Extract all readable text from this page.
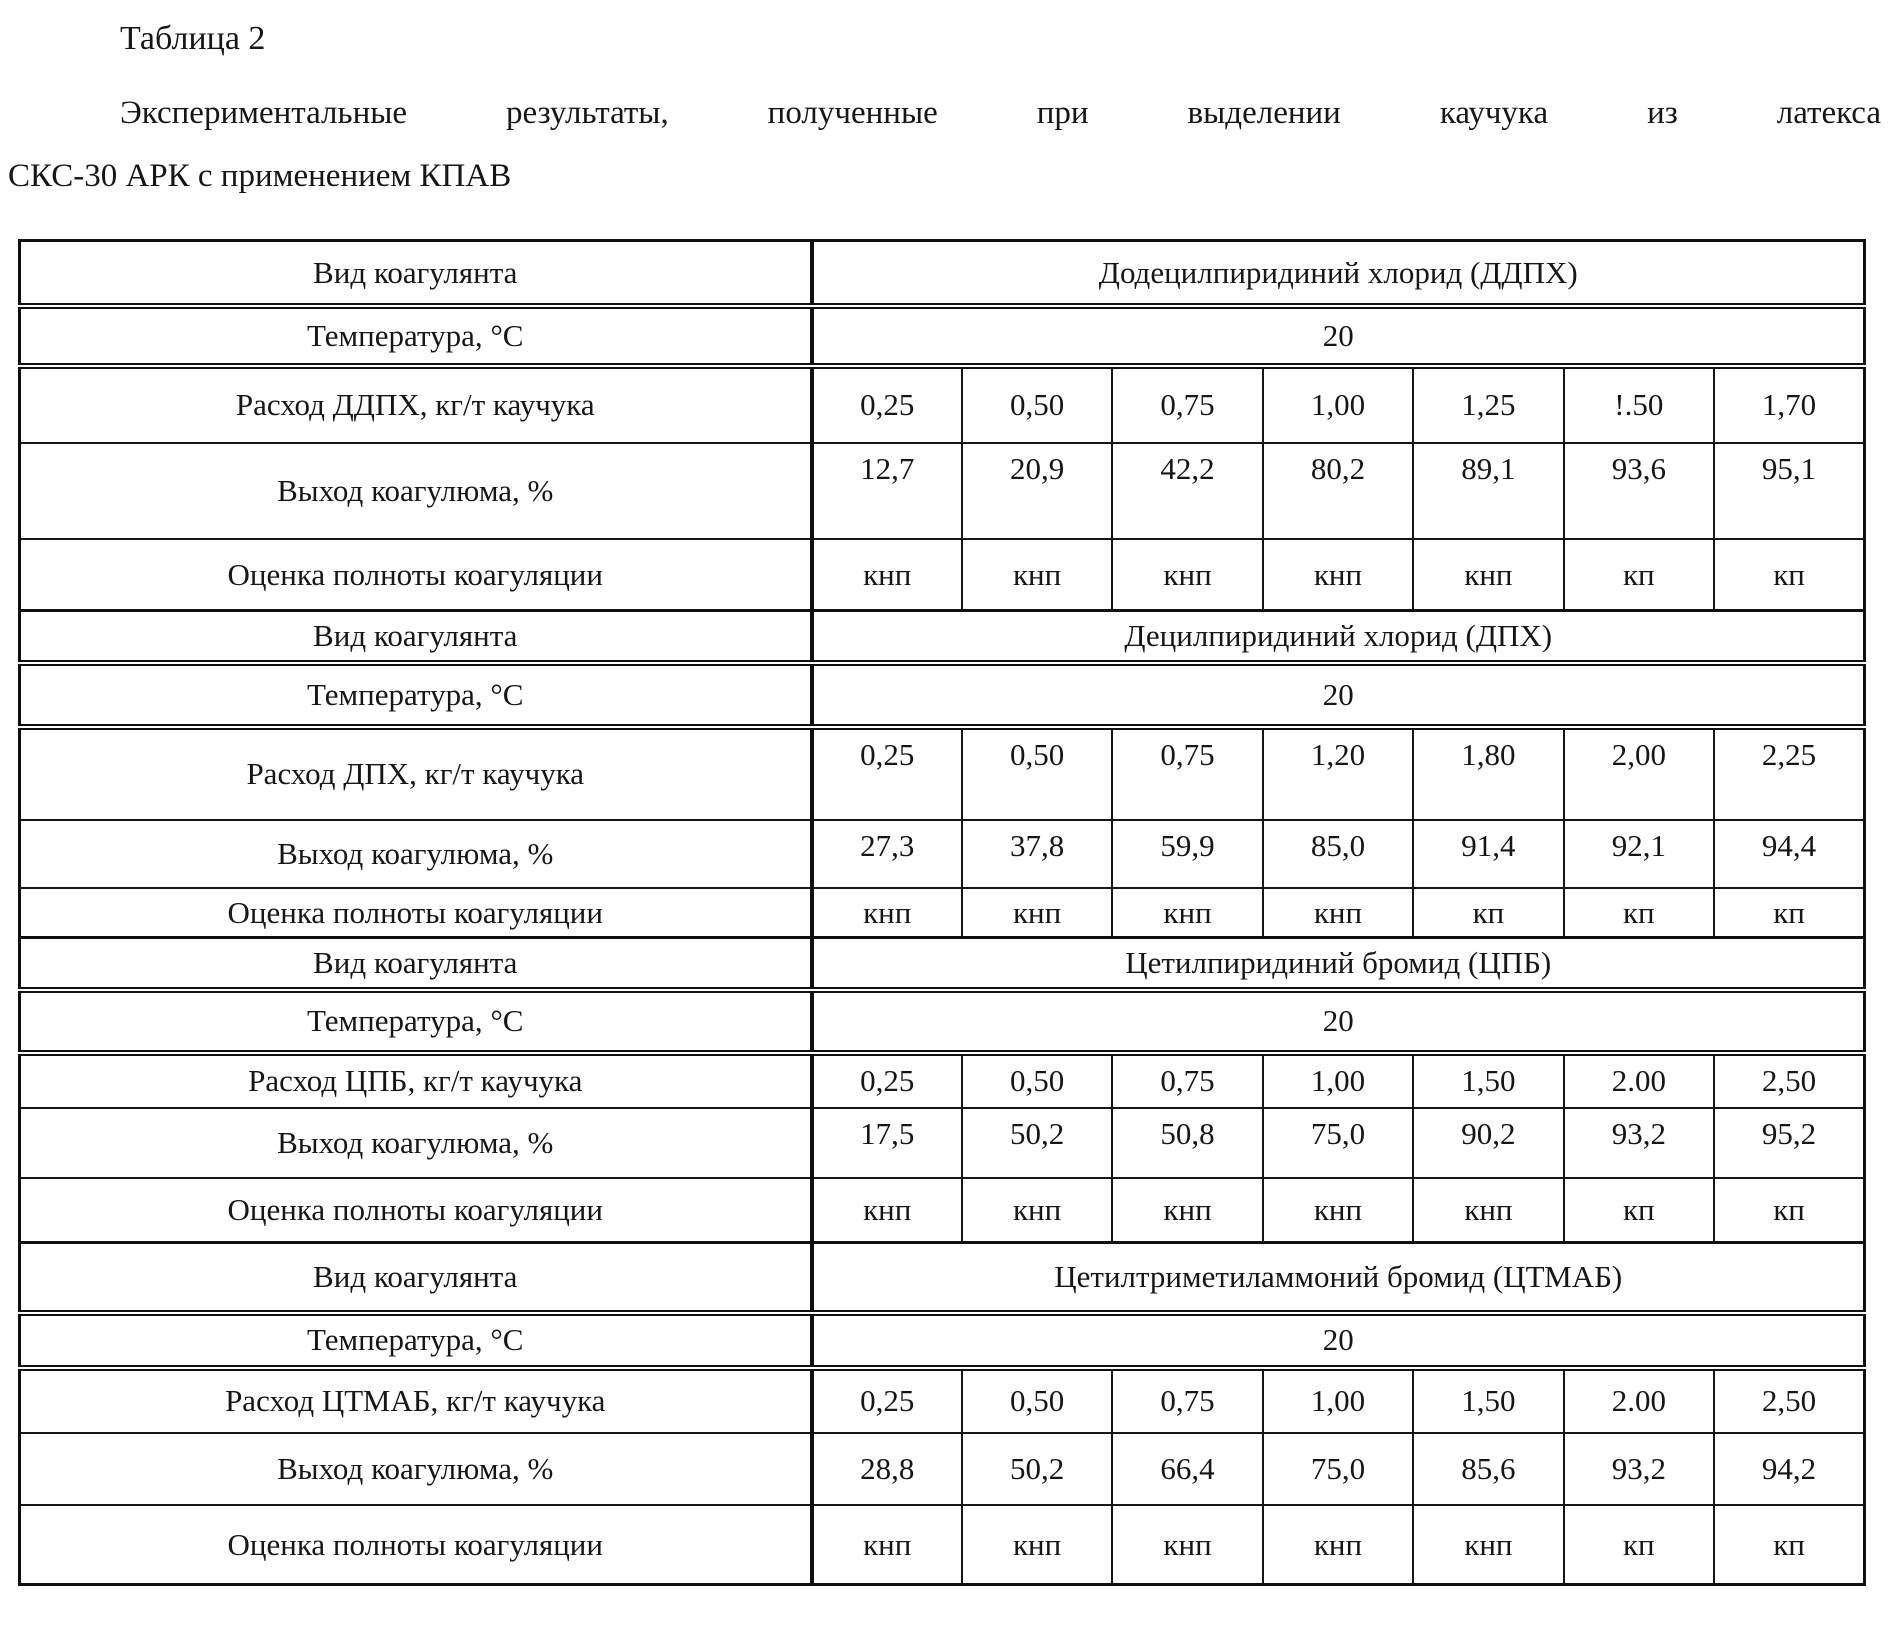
Таблица 2

Экспериментальные результаты, полученные при выделении каучука из латекса

СКС-30 АРК с применением КПАВ

Вид коагулянта	Додецилпиридиний хлорид (ДДПХ)						
Температура, °С	20						
Расход ДДПХ, кг/т каучука	0,25	0,50	0,75	1,00	1,25	!.50	1,70
Выход коагулюма, %	12,7	20,9	42,2	80,2	89,1	93,6	95,1
Оценка полноты коагуляции	кнп	кнп	кнп	кнп	кнп	кп	кп
Вид коагулянта	Децилпиридиний хлорид (ДПХ)						
Температура, °С	20						
Расход ДПХ, кг/т каучука	0,25	0,50	0,75	1,20	1,80	2,00	2,25
Выход коагулюма, %	27,3	37,8	59,9	85,0	91,4	92,1	94,4
Оценка полноты коагуляции	кнп	кнп	кнп	кнп	кп	кп	кп
Вид коагулянта	Цетилпиридиний бромид (ЦПБ)						
Температура, °С	20						
Расход ЦПБ, кг/т каучука	0,25	0,50	0,75	1,00	1,50	2.00	2,50
Выход коагулюма, %	17,5	50,2	50,8	75,0	90,2	93,2	95,2
Оценка полноты коагуляции	кнп	кнп	кнп	кнп	кнп	кп	кп
Вид коагулянта	Цетилтриметиламмоний бромид (ЦТМАБ)						
Температура, °С	20						
Расход ЦТМАБ, кг/т каучука	0,25	0,50	0,75	1,00	1,50	2.00	2,50
Выход коагулюма, %	28,8	50,2	66,4	75,0	85,6	93,2	94,2
Оценка полноты коагуляции	кнп	кнп	кнп	кнп	кнп	кп	кп
